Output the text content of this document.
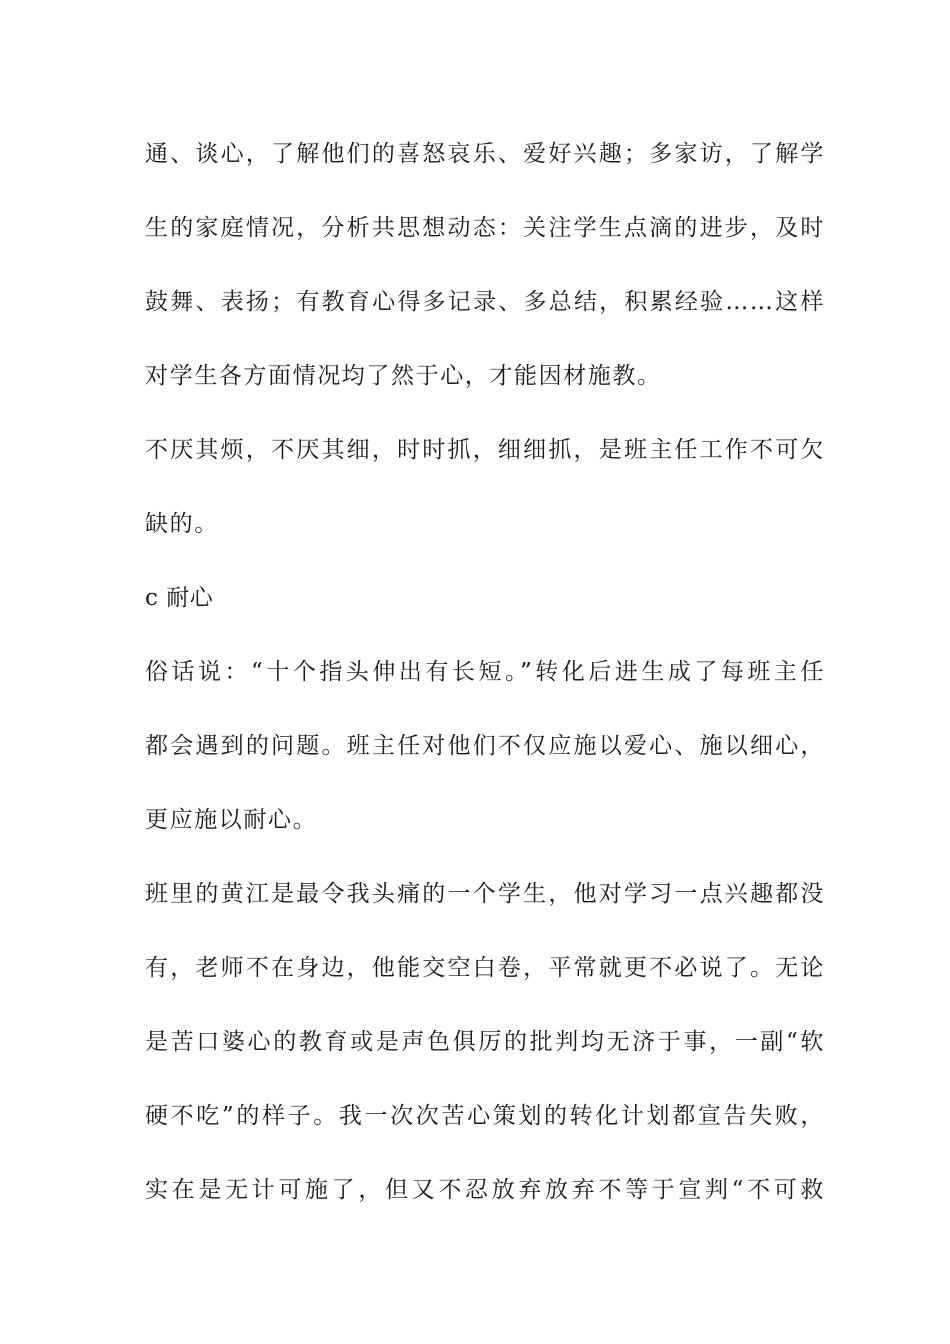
通、谈心，了解他们的喜怒哀乐、爱好兴趣；多家访，了解学
生的家庭情况，分析共思想动态：关注学生点滴的进步，及时
鼓舞、表扬；有教育心得多记录、多总结，积累经验……这样
对学生各方面情况均了然于心，才能因材施教。
不厌其烦，不厌其细，时时抓，细细抓，是班主任工作不可欠
缺的。
c 耐心
俗话说：“十个指头伸出有长短。”转化后进生成了每班主任
都会遇到的问题。班主任对他们不仅应施以爱心、施以细心，
更应施以耐心。
班里的黄江是最令我头痛的一个学生，他对学习一点兴趣都没
有，老师不在身边，他能交空白卷，平常就更不必说了。无论
是苦口婆心的教育或是声色俱厉的批判均无济于事，一副“软
硬不吃”的样子。我一次次苦心策划的转化计划都宣告失败，
实在是无计可施了，但又不忍放弃放弃不等于宣判“不可救
